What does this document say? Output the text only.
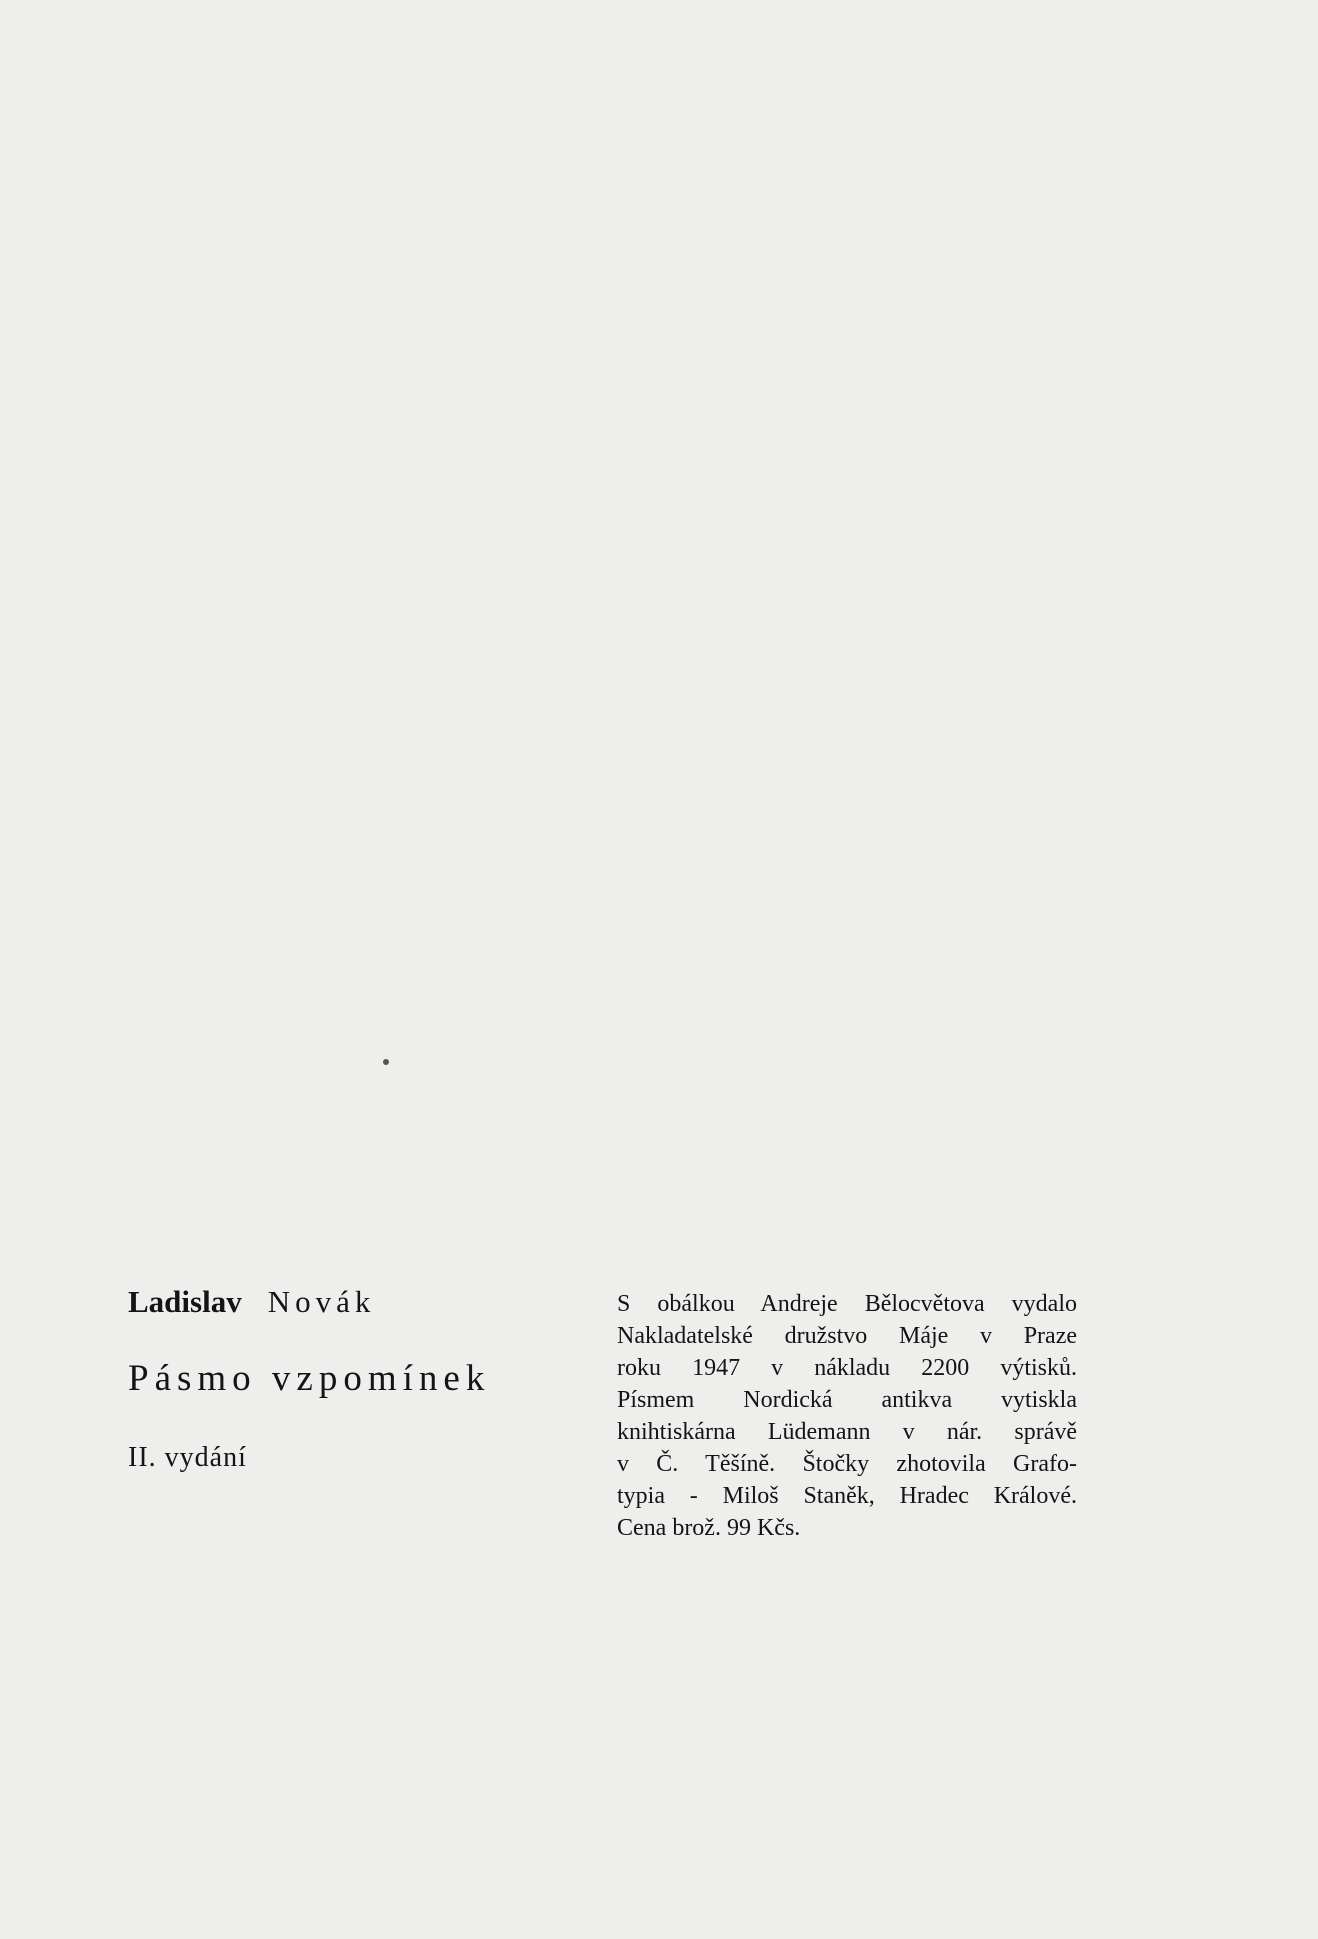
Ladislav Novák
Pásmo vzpomínek
II. vydání
S obálkou Andreje Bělocvětova vydalo
Nakladatelské družstvo Máje v Praze
roku 1947 v nákladu 2200 výtisků.
Písmem Nordická antikva vytiskla
knihtiskárna Lüdemann v nár. správě
v Č. Těšíně. Štočky zhotovila Grafo-
typia - Miloš Staněk, Hradec Králové.
Cena brož. 99 Kčs.
